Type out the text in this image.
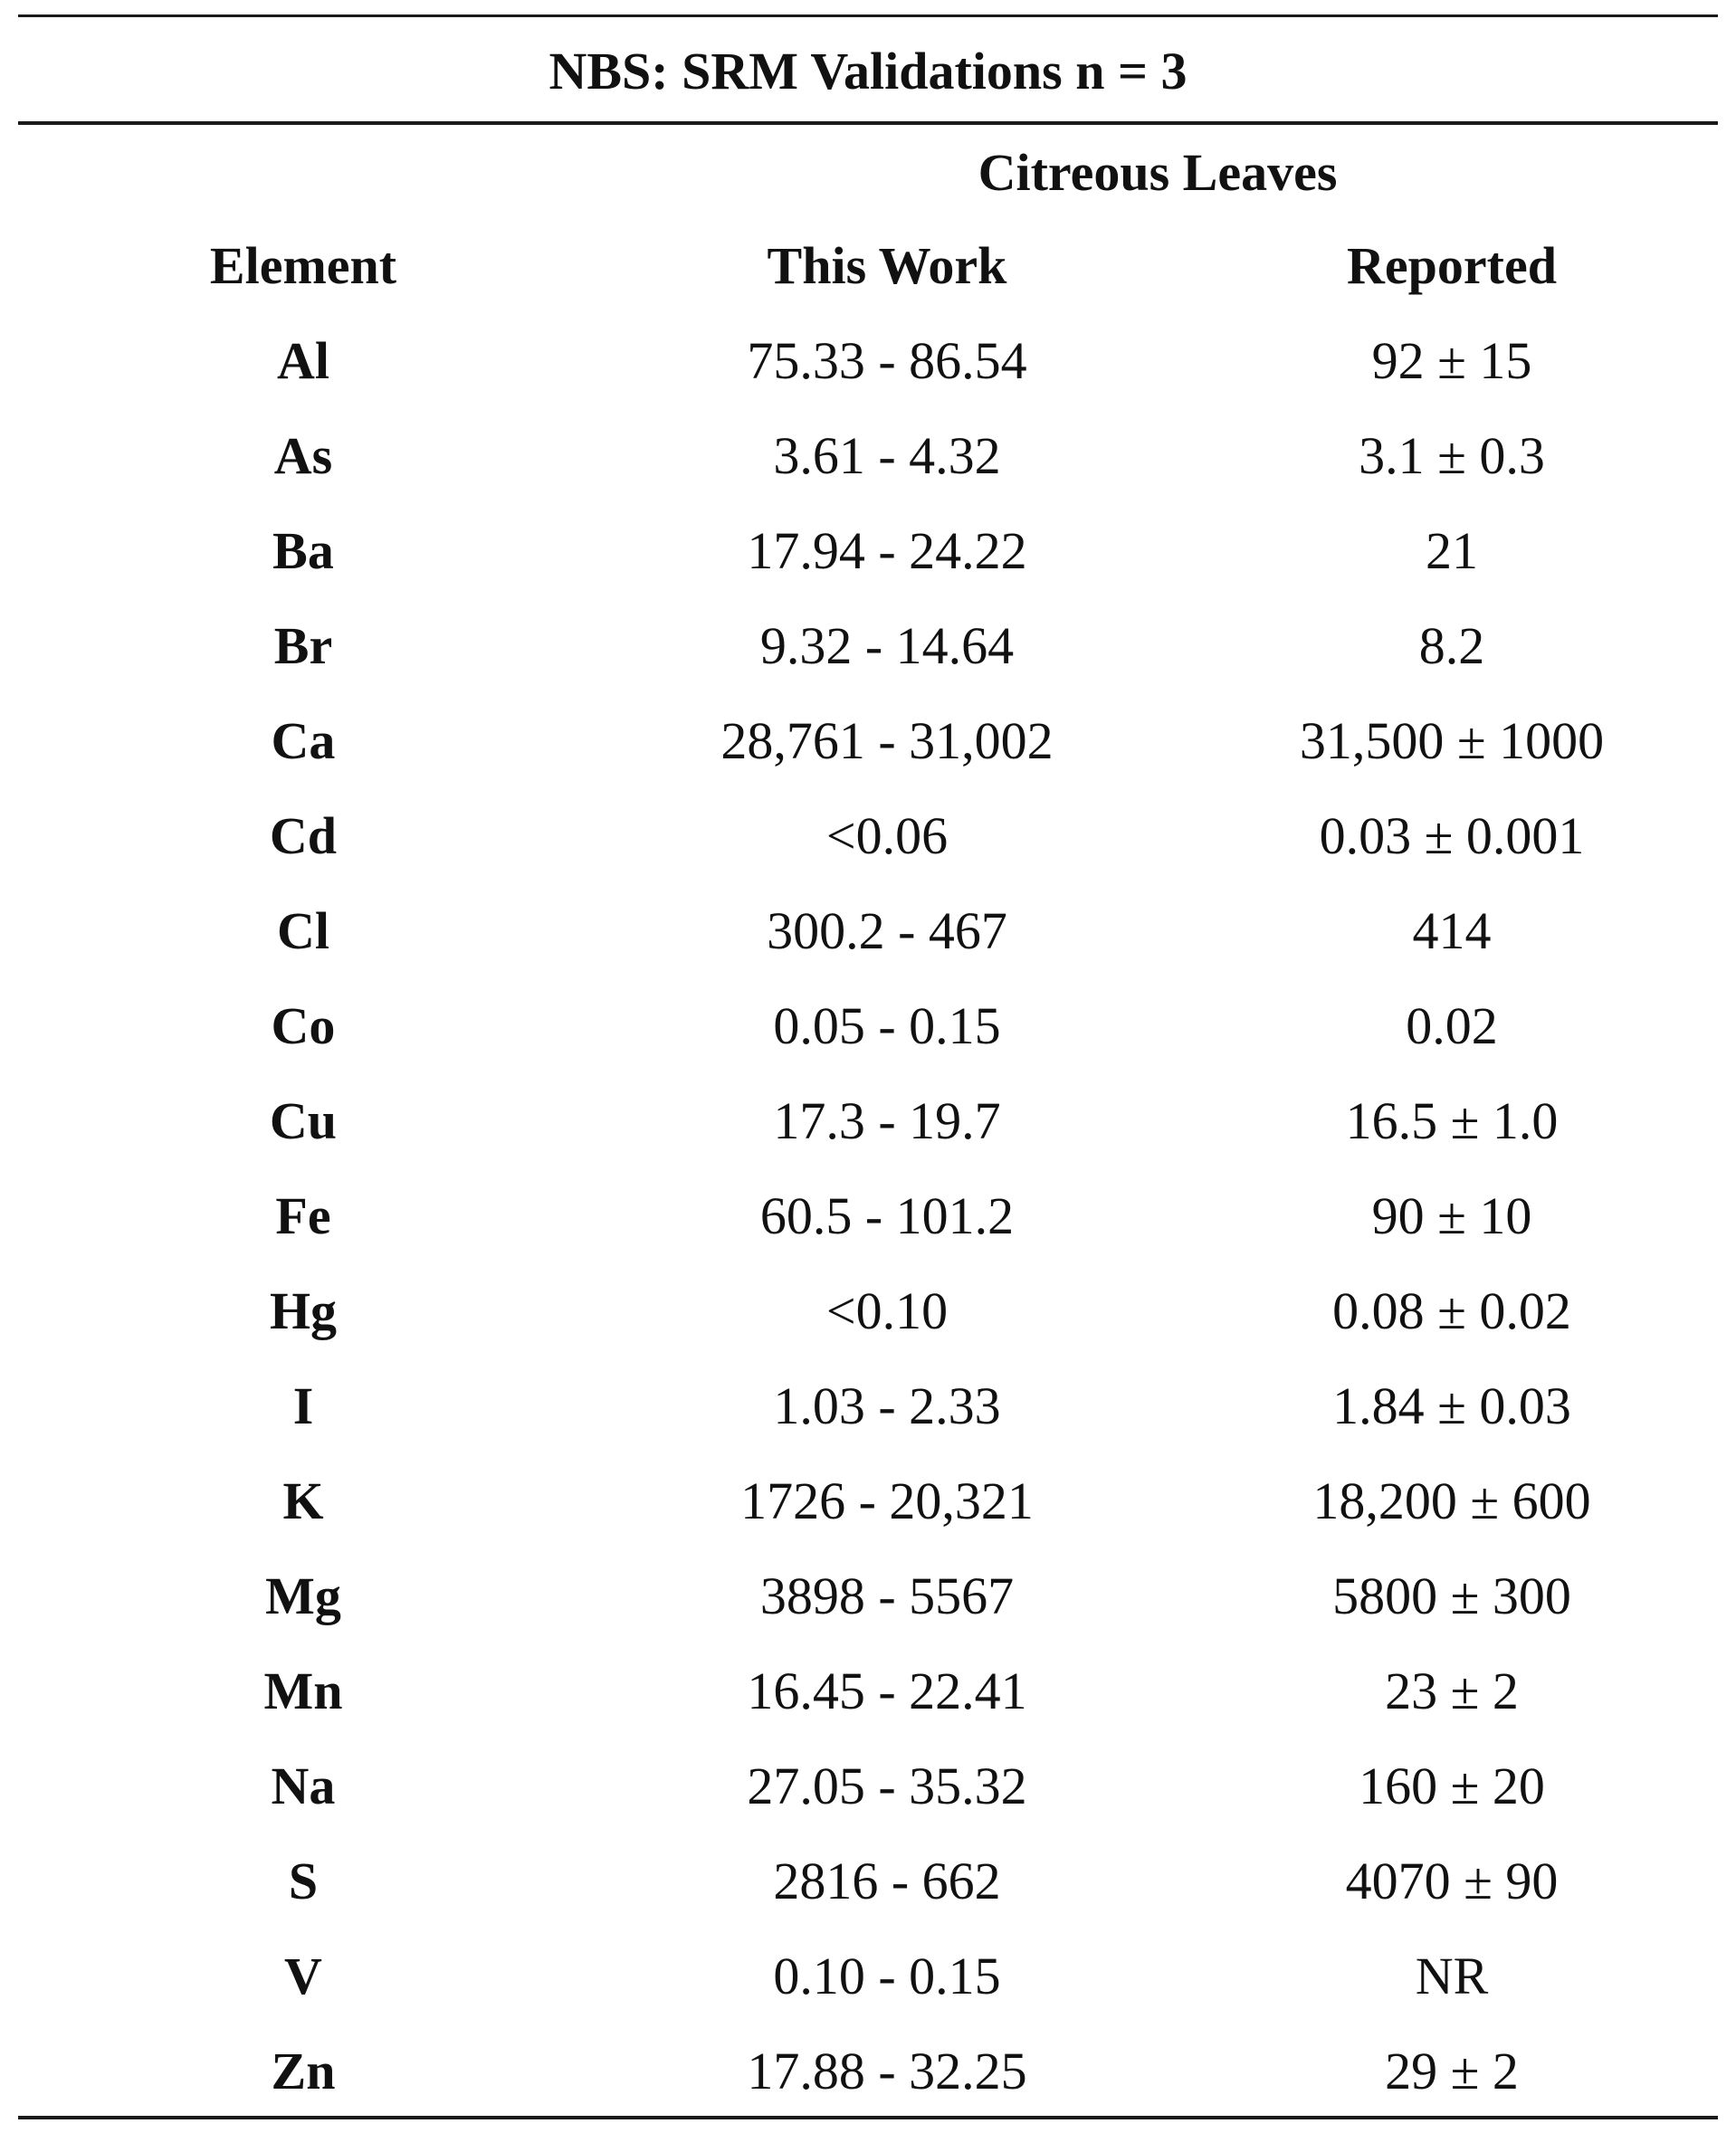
NBS: SRM Validations n = 3
Citreous Leaves
Element	This Work	Reported
Al	75.33 - 86.54	92 ± 15
As	3.61 - 4.32	3.1 ± 0.3
Ba	17.94 - 24.22	21
Br	9.32 - 14.64	8.2
Ca	28,761 - 31,002	31,500 ± 1000
Cd	<0.06	0.03 ± 0.001
Cl	300.2 - 467	414
Co	0.05 - 0.15	0.02
Cu	17.3 - 19.7	16.5 ± 1.0
Fe	60.5 - 101.2	90 ± 10
Hg	<0.10	0.08 ± 0.02
I	1.03 - 2.33	1.84 ± 0.03
K	1726 - 20,321	18,200 ± 600
Mg	3898 - 5567	5800 ± 300
Mn	16.45 - 22.41	23 ± 2
Na	27.05 - 35.32	160 ± 20
S	2816 - 662	4070 ± 90
V	0.10 - 0.15	NR
Zn	17.88 - 32.25	29 ± 2
